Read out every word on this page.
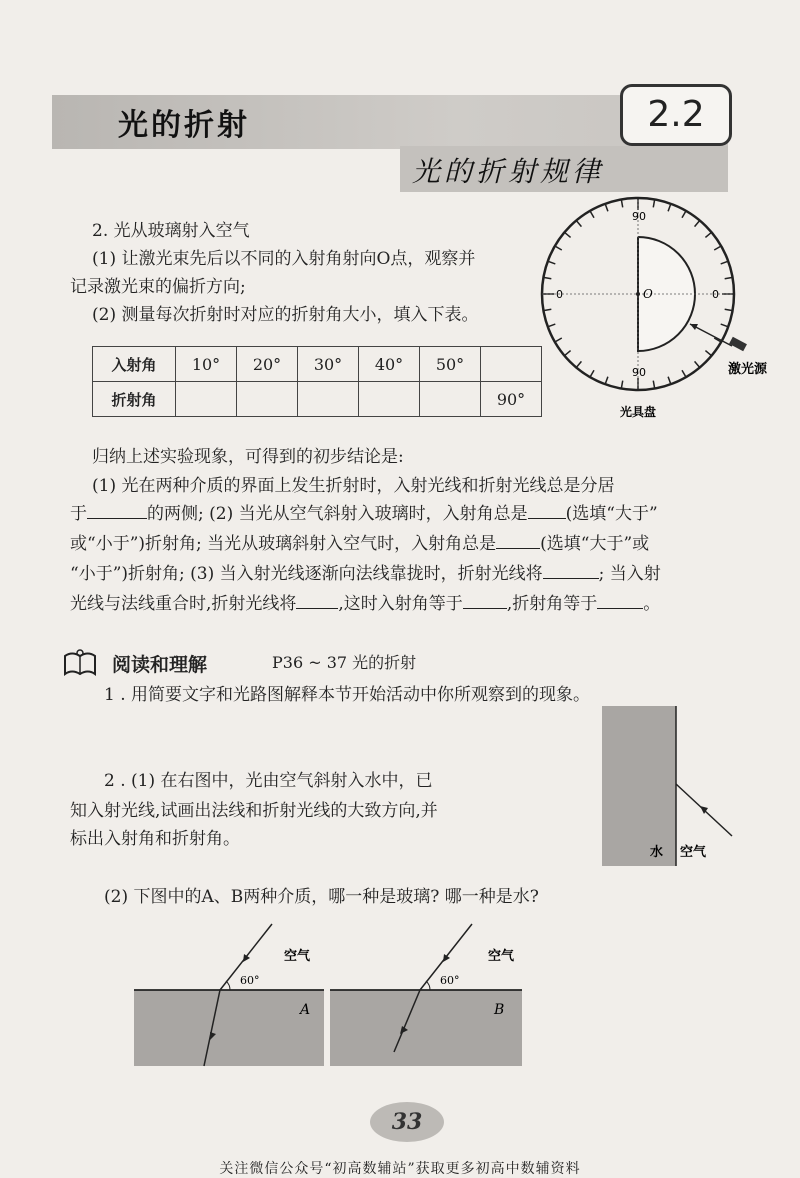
光的折射	2.2
光的折射规律
2. 光从玻璃射入空气
(1) 让激光束先后以不同的入射角射向O点，观察并
记录激光束的偏折方向;
(2) 测量每次折射时对应的折射角大小，填入下表。
入射角	10°	20°	30°	40°	50°	
折射角						90°
90
90
0	0
O
激光源
光具盘
归纳上述实验现象，可得到的初步结论是:
(1) 光在两种介质的界面上发生折射时，入射光线和折射光线总是分居
于	的两侧; (2) 当光从空气斜射入玻璃时，入射角总是 (选填“大于”
或“小于”)折射角; 当光从玻璃斜射入空气时，入射角总是	(选填“大于”或
“小于”)折射角; (3) 当入射光线逐渐向法线靠拢时，折射光线将	; 当入射
光线与法线重合时,折射光线将 ,这时入射角等于	,折射角等于	。
阅读和理解	P36 ~ 37 光的折射
1 . 用简要文字和光路图解释本节开始活动中你所观察到的现象。
2 . (1) 在右图中，光由空气斜射入水中，已
知入射光线,试画出法线和折射光线的大致方向,并
标出入射角和折射角。
水 空气
(2) 下图中的A、B两种介质，哪一种是玻璃? 哪一种是水?
60°
空气
A
60°
空气
B
33
关注微信公众号“初高数辅站”获取更多初高中数辅资料
